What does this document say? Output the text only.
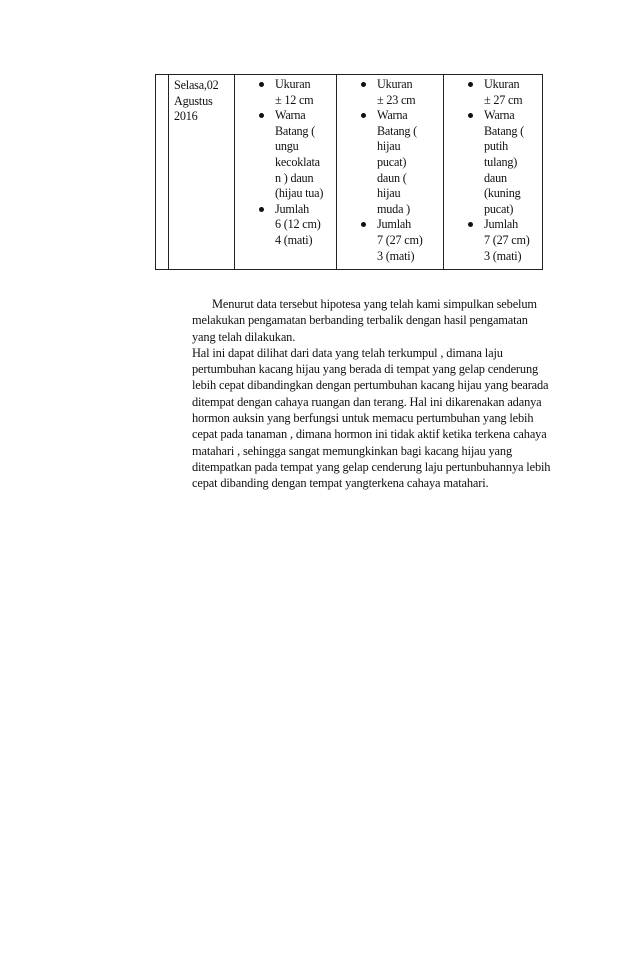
Selasa,02
Agustus
2016
Ukuran
± 12 cm
Warna
Batang (
ungu
kecoklata
n ) daun
(hijau tua)
Jumlah
6 (12 cm)
4 (mati)
Ukuran
± 23 cm
Warna
Batang (
hijau
pucat)
daun (
hijau
muda )
Jumlah
7 (27 cm)
3 (mati)
Ukuran
± 27 cm
Warna
Batang (
putih
tulang)
daun
(kuning
pucat)
Jumlah
7 (27 cm)
3 (mati)

Menurut data tersebut hipotesa yang telah kami simpulkan sebelum

melakukan pengamatan berbanding terbalik dengan hasil pengamatan

yang telah dilakukan.

Hal ini dapat dilihat dari data yang telah terkumpul , dimana laju

pertumbuhan kacang hijau yang berada di tempat yang gelap cenderung

lebih cepat dibandingkan dengan pertumbuhan kacang hijau yang bearada

ditempat dengan cahaya ruangan dan terang. Hal ini dikarenakan adanya

hormon auksin yang berfungsi untuk memacu pertumbuhan yang lebih

cepat pada tanaman , dimana hormon ini tidak aktif ketika terkena cahaya

matahari , sehingga sangat memungkinkan bagi kacang hijau yang

ditempatkan pada tempat yang gelap cenderung laju pertunbuhannya lebih

cepat dibanding dengan tempat yangterkena cahaya matahari.
